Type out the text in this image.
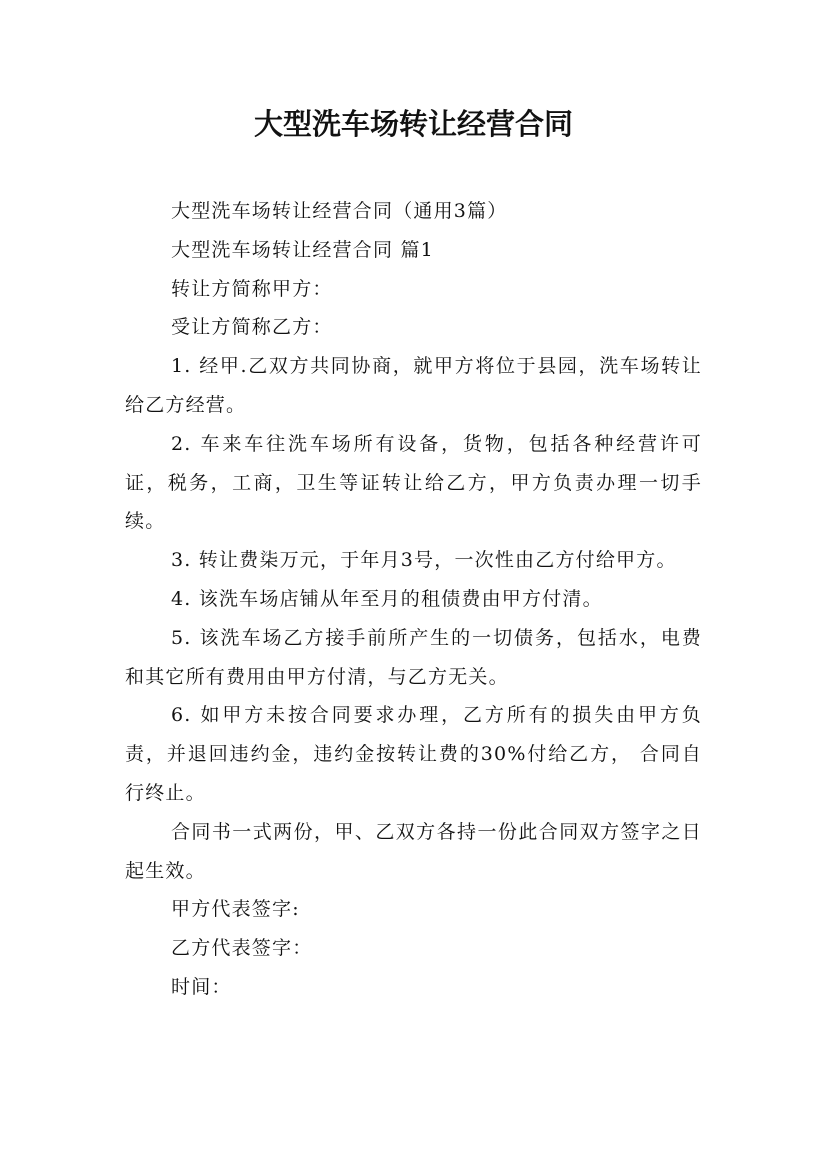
大型洗车场转让经营合同

大型洗车场转让经营合同（通用3篇）

大型洗车场转让经营合同 篇1

转让方简称甲方：

受让方简称乙方：

1. 经甲.乙双方共同协商，就甲方将位于县园，洗车场转让给乙方经营。

2. 车来车往洗车场所有设备，货物，包括各种经营许可证，税务，工商，卫生等证转让给乙方，甲方负责办理一切手续。

3. 转让费柒万元，于年月3号，一次性由乙方付给甲方。

4. 该洗车场店铺从年至月的租债费由甲方付清。

5. 该洗车场乙方接手前所产生的一切债务，包括水，电费和其它所有费用由甲方付清，与乙方无关。

6. 如甲方未按合同要求办理，乙方所有的损失由甲方负责，并退回违约金，违约金按转让费的30%付给乙方， 合同自行终止。

合同书一式两份，甲、乙双方各持一份此合同双方签字之日起生效。

甲方代表签字:

乙方代表签字：

时间：
